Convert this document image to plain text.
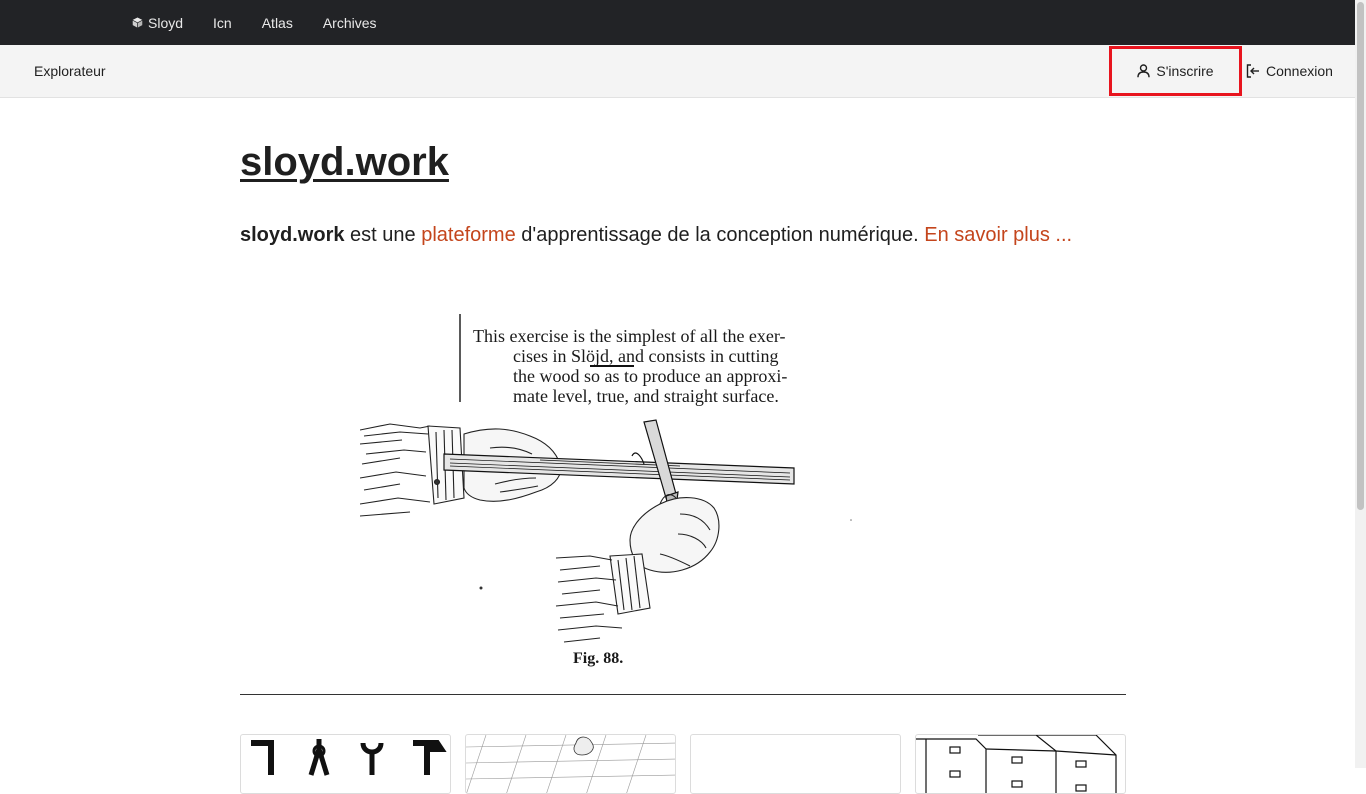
Sloyd Icn Atlas Archives
Explorateur	S'inscrire	Connexion
sloyd.work

sloyd.work est une plateforme d'apprentissage de la conception numérique. En savoir plus ...

This exercise is the simplest of all the exer-
cises in Slöjd, and consists in cutting
the wood so as to produce an approxi-
mate level, true, and straight surface.
Fig. 88.
